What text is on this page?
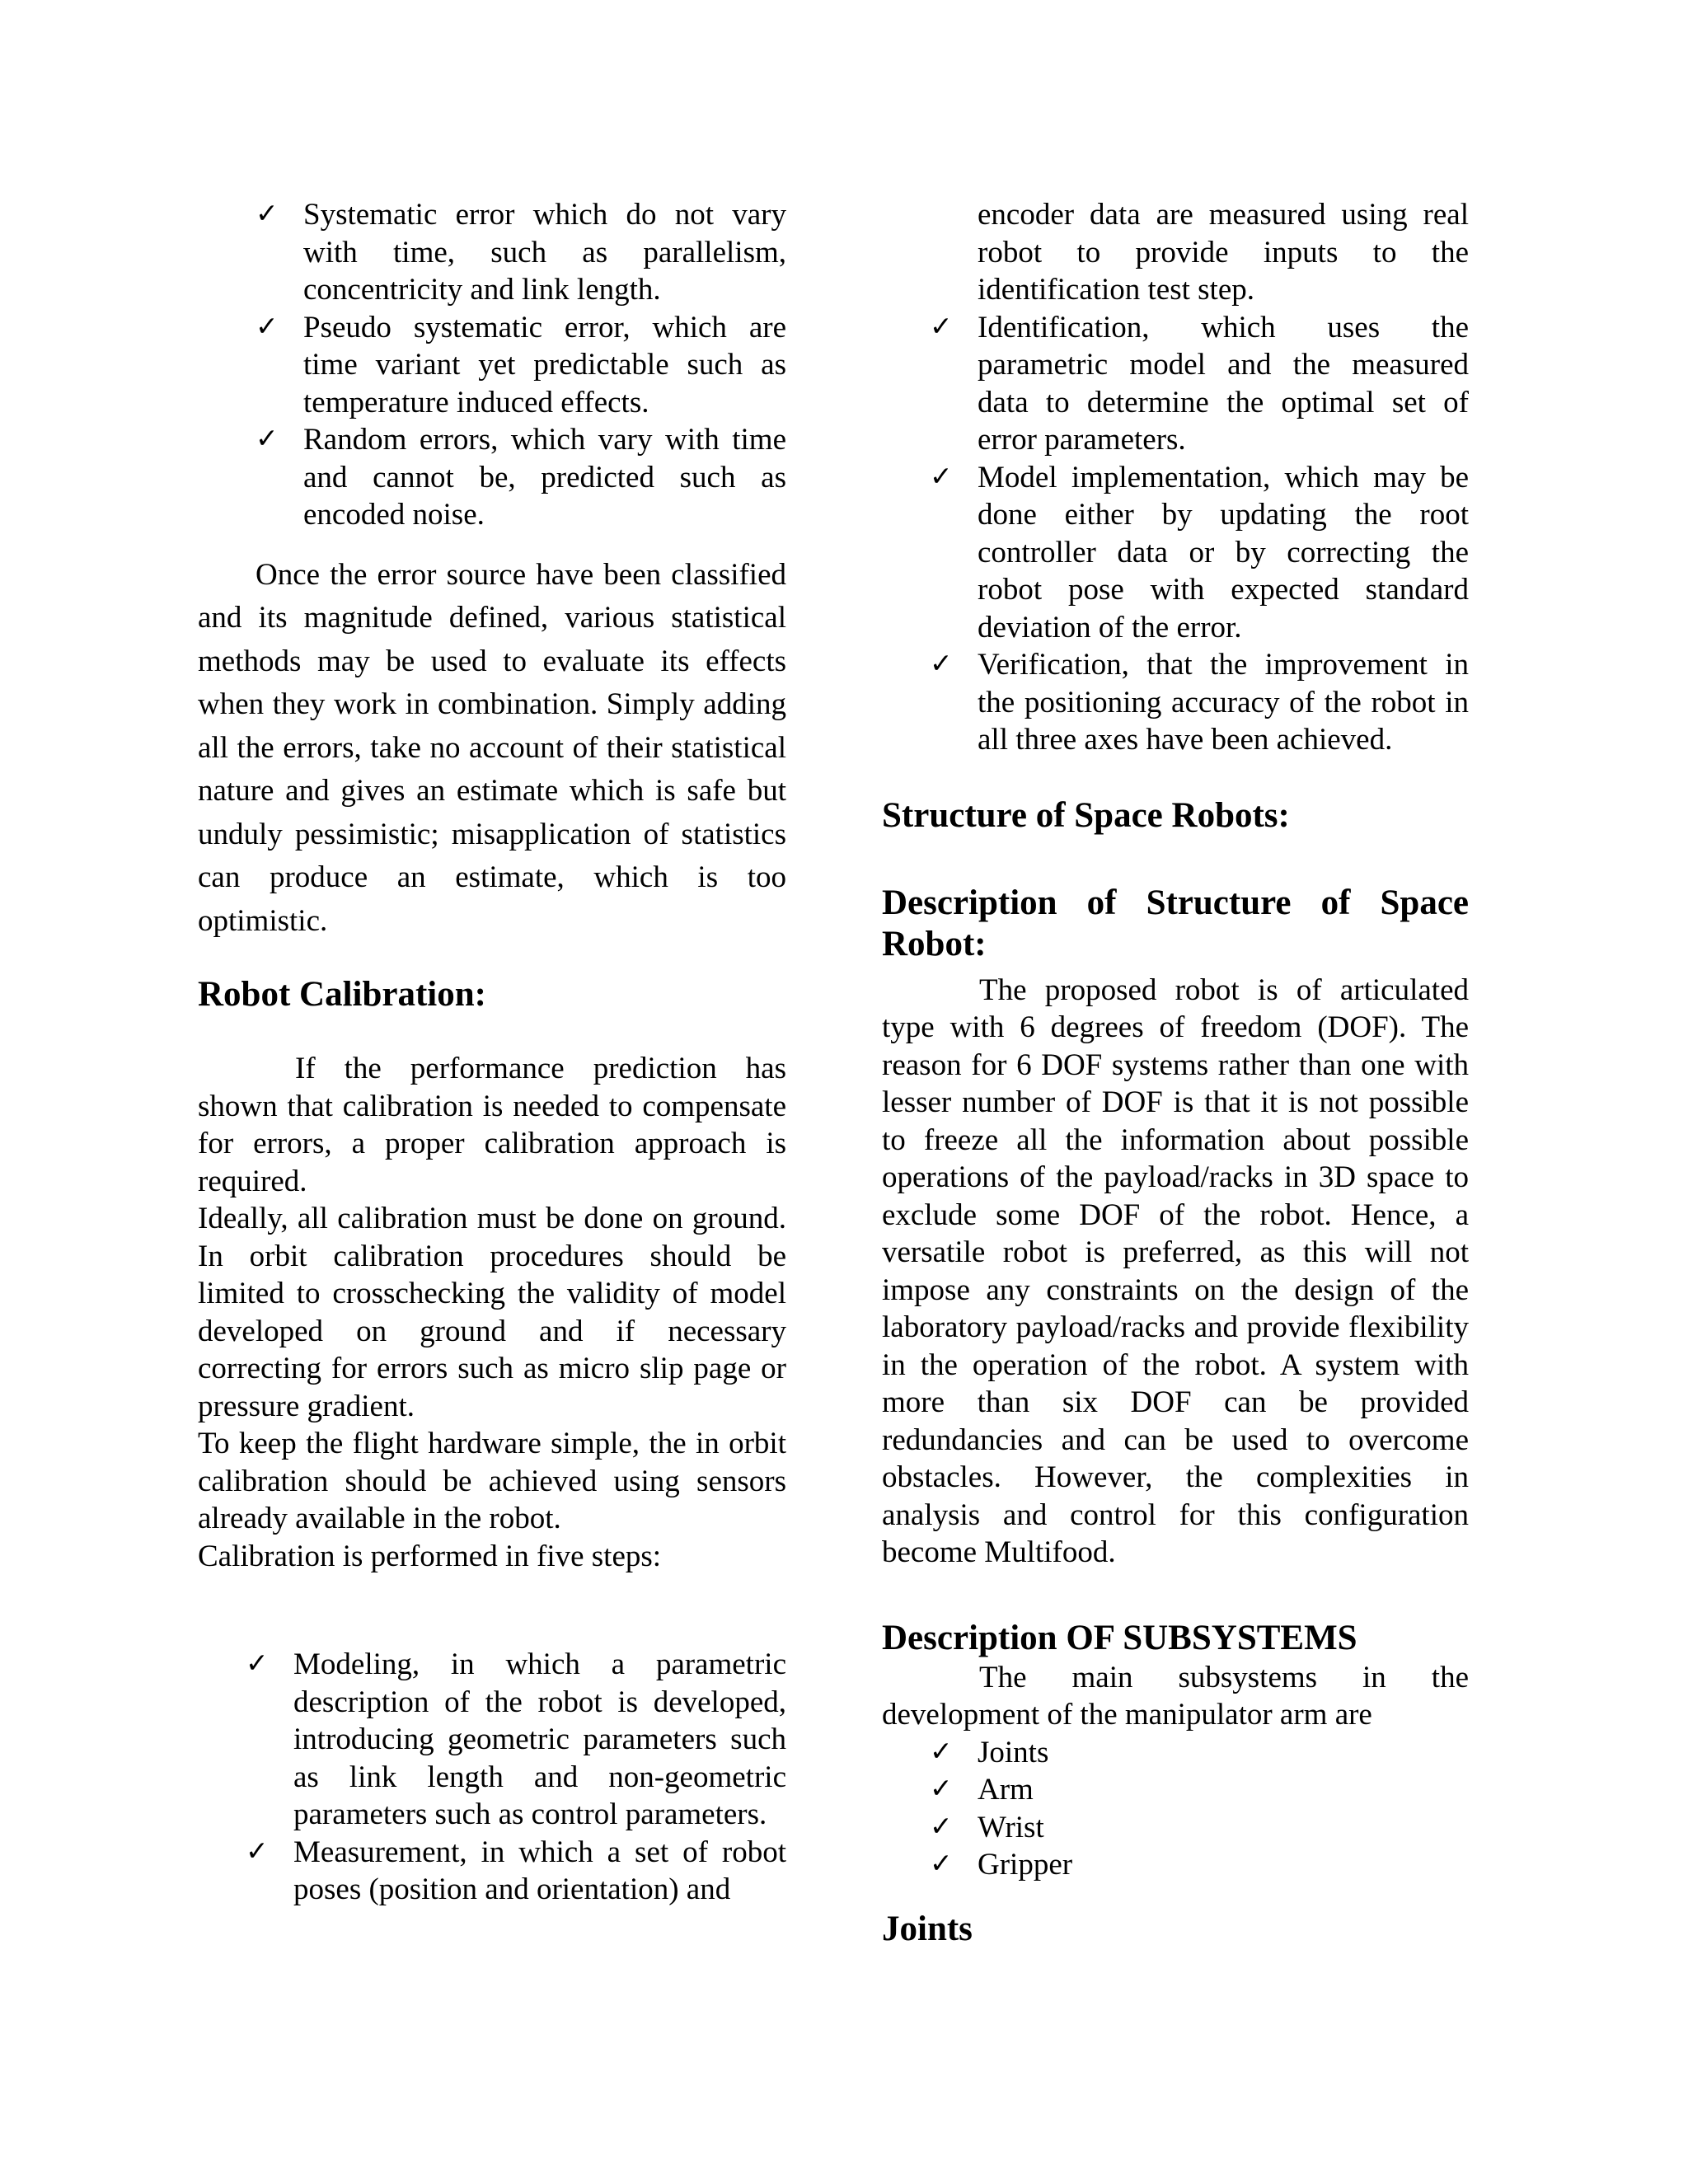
✓ Systematic error which do not vary with time, such as parallelism, concentricity and link length.
✓ Pseudo systematic error, which are time variant yet predictable such as temperature induced effects.
✓ Random errors, which vary with time and cannot be, predicted such as encoded noise.

Once the error source have been classified and its magnitude defined, various statistical methods may be used to evaluate its effects when they work in combination. Simply adding all the errors, take no account of their statistical nature and gives an estimate which is safe but unduly pessimistic; misapplication of statistics can produce an estimate, which is too optimistic.

Robot Calibration:

If the performance prediction has shown that calibration is needed to compensate for errors, a proper calibration approach is required.

Ideally, all calibration must be done on ground. In orbit calibration procedures should be limited to crosschecking the validity of model developed on ground and if necessary correcting for errors such as micro slip page or pressure gradient.

To keep the flight hardware simple, the in orbit calibration should be achieved using sensors already available in the robot.

Calibration is performed in five steps:

✓ Modeling, in which a parametric description of the robot is developed, introducing geometric parameters such as link length and non-geometric parameters such as control parameters.
✓ Measurement, in which a set of robot poses (position and orientation) and

encoder data are measured using real robot to provide inputs to the identification test step.

✓ Identification, which uses the parametric model and the measured data to determine the optimal set of error parameters.
✓ Model implementation, which may be done either by updating the root controller data or by correcting the robot pose with expected standard deviation of the error.
✓ Verification, that the improvement in the positioning accuracy of the robot in all three axes have been achieved.
Structure of Space Robots:
Description of Structure of Space Robot:

The proposed robot is of articulated type with 6 degrees of freedom (DOF). The reason for 6 DOF systems rather than one with lesser number of DOF is that it is not possible to freeze all the information about possible operations of the payload/racks in 3D space to exclude some DOF of the robot. Hence, a versatile robot is preferred, as this will not impose any constraints on the design of the laboratory payload/racks and provide flexibility in the operation of the robot. A system with more than six DOF can be provided redundancies and can be used to overcome obstacles. However, the complexities in analysis and control for this configuration become Multifood.

Description OF SUBSYSTEMS

The main subsystems in the development of the manipulator arm are

✓ Joints
✓ Arm
✓ Wrist
✓ Gripper
Joints
